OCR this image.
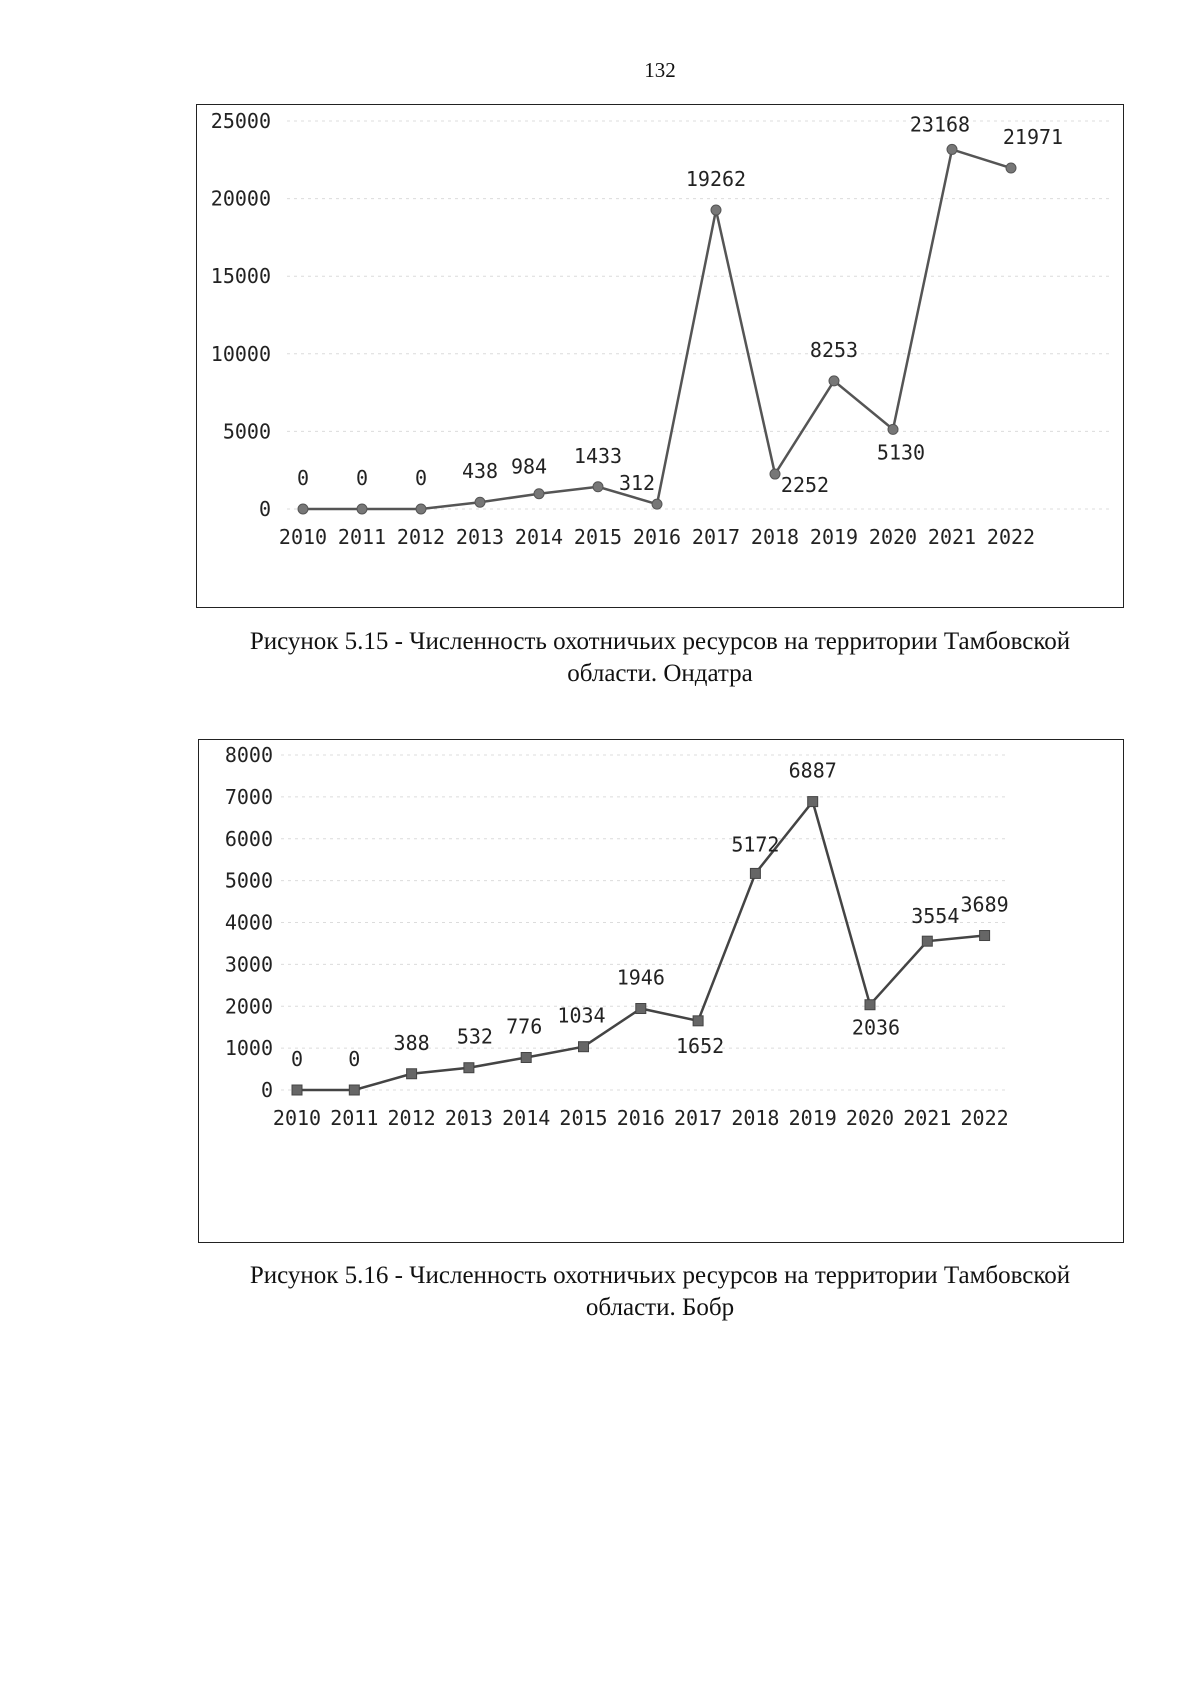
132
0
5000
10000
15000
20000
25000
2010 2011 2012 2013 2014 2015 2016 2017 2018 2019 2020 2021 2022
0 0 0 438 984 1433
312
19262
2252
8253
5130
23168
21971
Рисунок 5.15 - Численность охотничьих ресурсов на территории Тамбовской
области. Ондатра
0
1000
2000
3000
4000
5000
6000
7000
8000
2010 2011 2012 2013 2014 2015 2016 2017 2018 2019 2020 2021 2022
0 0
388 532 776 1034
1946
1652
5172
6887
2036
3554 3689
Рисунок 5.16 - Численность охотничьих ресурсов на территории Тамбовской
области. Бобр
